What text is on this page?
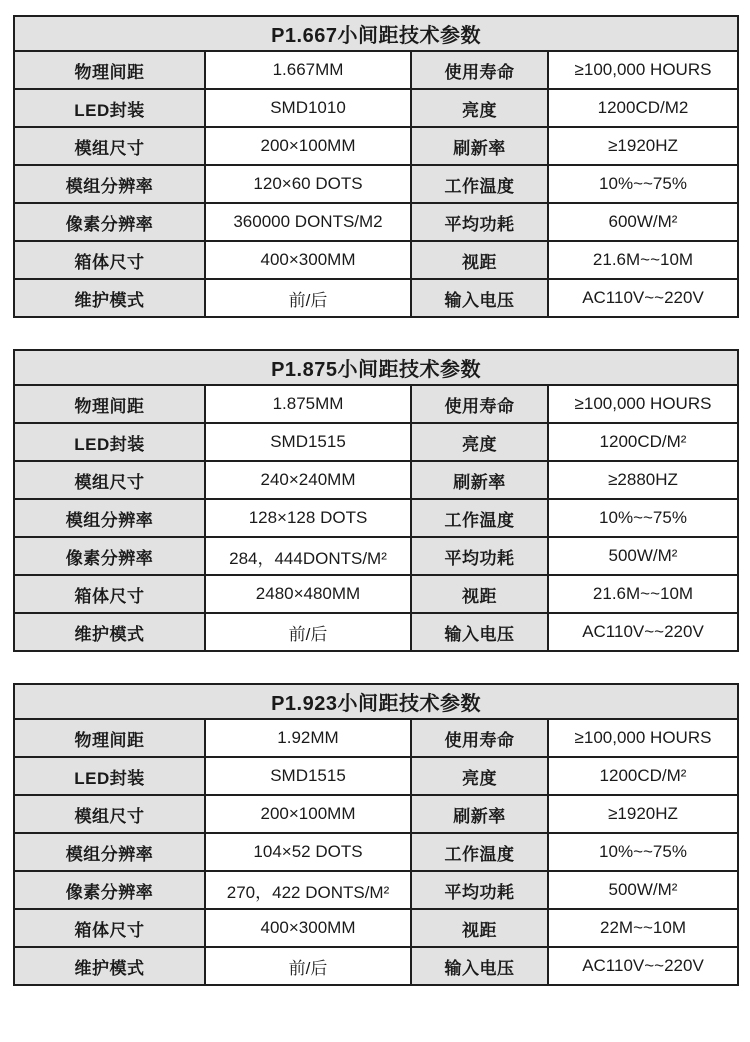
P1.667小间距技术参数			
物理间距	1.667MM	使用寿命	≥100,000 HOURS
LED封装	SMD1010	亮度	1200CD/M2
模组尺寸	200×100MM	刷新率	≥1920HZ
模组分辨率	120×60 DOTS	工作温度	10%~~75%
像素分辨率	360000 DONTS/M2	平均功耗	600W/M²
箱体尺寸	400×300MM	视距	21.6M~~10M
维护模式	前/后	输入电压	AC110V~~220V
P1.875小间距技术参数			
物理间距	1.875MM	使用寿命	≥100,000 HOURS
LED封装	SMD1515	亮度	1200CD/M²
模组尺寸	240×240MM	刷新率	≥2880HZ
模组分辨率	128×128 DOTS	工作温度	10%~~75%
像素分辨率	284，444DONTS/M²	平均功耗	500W/M²
箱体尺寸	2480×480MM	视距	21.6M~~10M
维护模式	前/后	输入电压	AC110V~~220V
P1.923小间距技术参数			
物理间距	1.92MM	使用寿命	≥100,000 HOURS
LED封装	SMD1515	亮度	1200CD/M²
模组尺寸	200×100MM	刷新率	≥1920HZ
模组分辨率	104×52 DOTS	工作温度	10%~~75%
像素分辨率	270，422 DONTS/M²	平均功耗	500W/M²
箱体尺寸	400×300MM	视距	22M~~10M
维护模式	前/后	输入电压	AC110V~~220V
